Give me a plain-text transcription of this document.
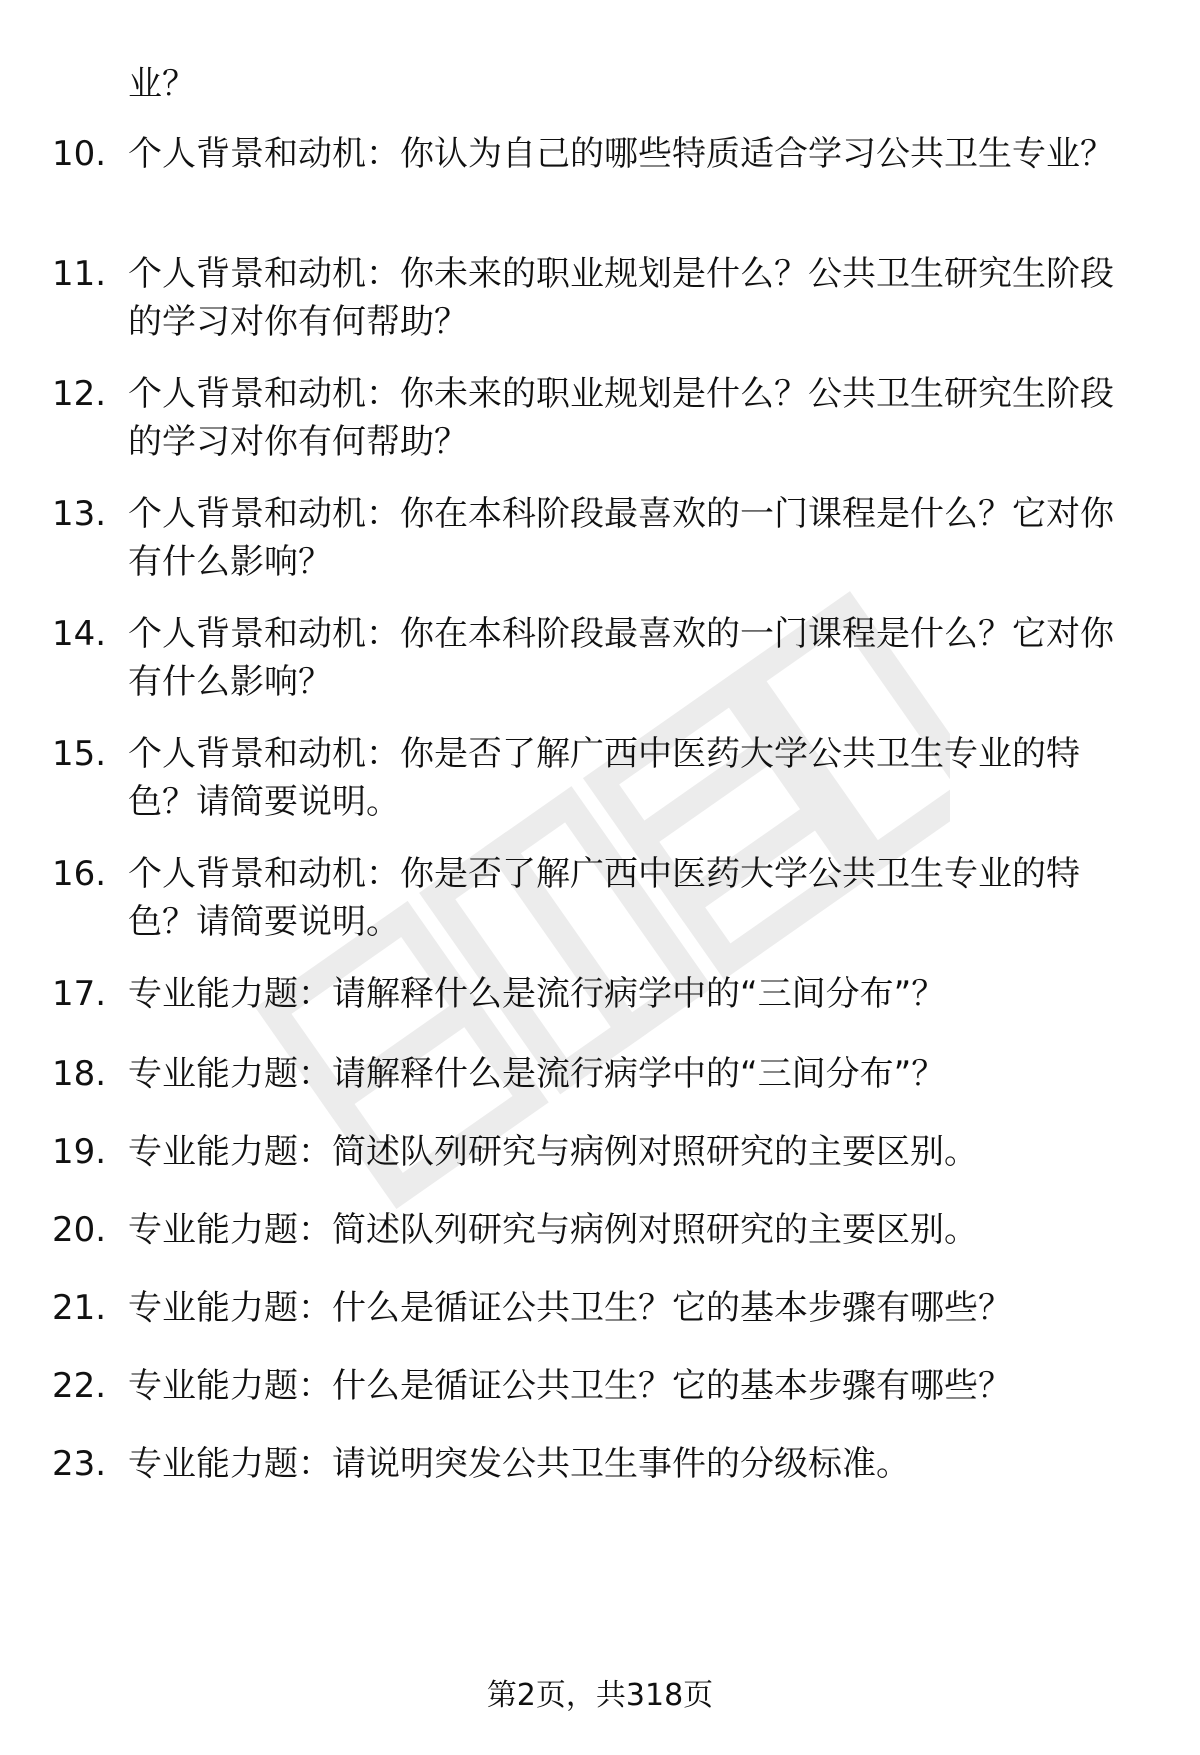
业？
10. 个人背景和动机：你认为自己的哪些特质适合学习公共卫生专业？
11. 个人背景和动机：你未来的职业规划是什么？公共卫生研究生阶段的学习对你有何帮助？
12. 个人背景和动机：你未来的职业规划是什么？公共卫生研究生阶段的学习对你有何帮助？
13. 个人背景和动机：你在本科阶段最喜欢的一门课程是什么？它对你有什么影响？
14. 个人背景和动机：你在本科阶段最喜欢的一门课程是什么？它对你有什么影响？
15. 个人背景和动机：你是否了解广西中医药大学公共卫生专业的特色？请简要说明。
16. 个人背景和动机：你是否了解广西中医药大学公共卫生专业的特色？请简要说明。
17. 专业能力题：请解释什么是流行病学中的“三间分布”？
18. 专业能力题：请解释什么是流行病学中的“三间分布”？
19. 专业能力题：简述队列研究与病例对照研究的主要区别。
20. 专业能力题：简述队列研究与病例对照研究的主要区别。
21. 专业能力题：什么是循证公共卫生？它的基本步骤有哪些？
22. 专业能力题：什么是循证公共卫生？它的基本步骤有哪些？
23. 专业能力题：请说明突发公共卫生事件的分级标准。
第2页，共318页
